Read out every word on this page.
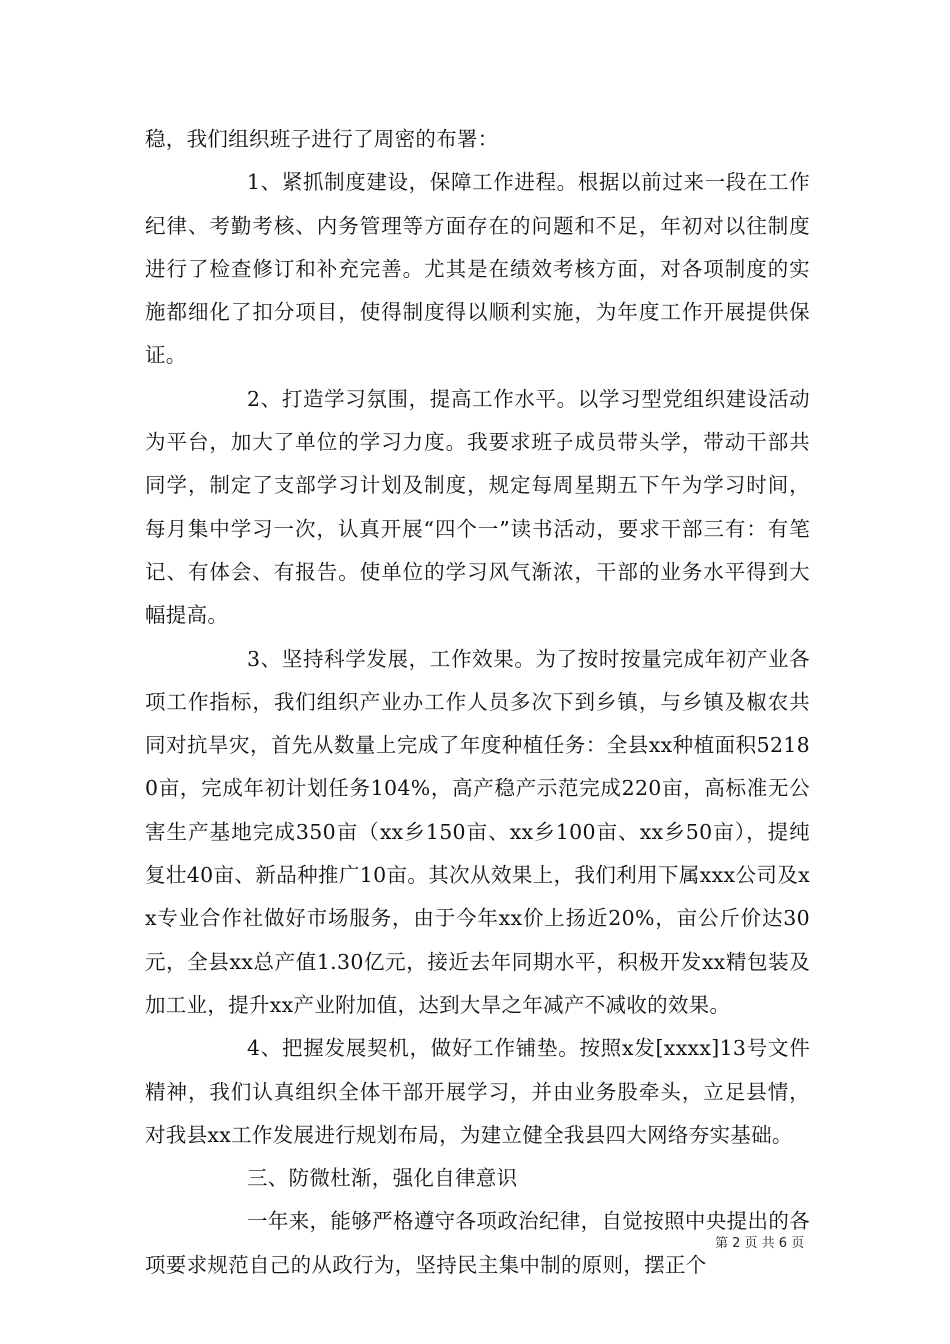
稳，我们组织班子进行了周密的布署：

1、紧抓制度建设，保障工作进程。根据以前过来一段在工作纪律、考勤考核、内务管理等方面存在的问题和不足，年初对以往制度进行了检查修订和补充完善。尤其是在绩效考核方面，对各项制度的实施都细化了扣分项目，使得制度得以顺利实施，为年度工作开展提供保证。

2、打造学习氛围，提高工作水平。以学习型党组织建设活动为平台，加大了单位的学习力度。我要求班子成员带头学，带动干部共同学，制定了支部学习计划及制度，规定每周星期五下午为学习时间，每月集中学习一次，认真开展“四个一”读书活动，要求干部三有：有笔记、有体会、有报告。使单位的学习风气渐浓，干部的业务水平得到大幅提高。

3、坚持科学发展，工作效果。为了按时按量完成年初产业各项工作指标，我们组织产业办工作人员多次下到乡镇，与乡镇及椒农共同对抗旱灾，首先从数量上完成了年度种植任务：全县xx种植面积52180亩，完成年初计划任务104%，高产稳产示范完成220亩，高标准无公害生产基地完成350亩（xx乡150亩、xx乡100亩、xx乡50亩），提纯复壮40亩、新品种推广10亩。其次从效果上，我们利用下属xxx公司及xx专业合作社做好市场服务，由于今年xx价上扬近20%，亩公斤价达30元，全县xx总产值1.30亿元，接近去年同期水平，积极开发xx精包装及加工业，提升xx产业附加值，达到大旱之年减产不减收的效果。

4、把握发展契机，做好工作铺垫。按照x发[xxxx]13号文件精神，我们认真组织全体干部开展学习，并由业务股牵头，立足县情，对我县xx工作发展进行规划布局，为建立健全我县四大网络夯实基础。

三、防微杜渐，强化自律意识

一年来，能够严格遵守各项政治纪律，自觉按照中央提出的各项要求规范自己的从政行为，坚持民主集中制的原则，摆正个

第 2 页 共 6 页
